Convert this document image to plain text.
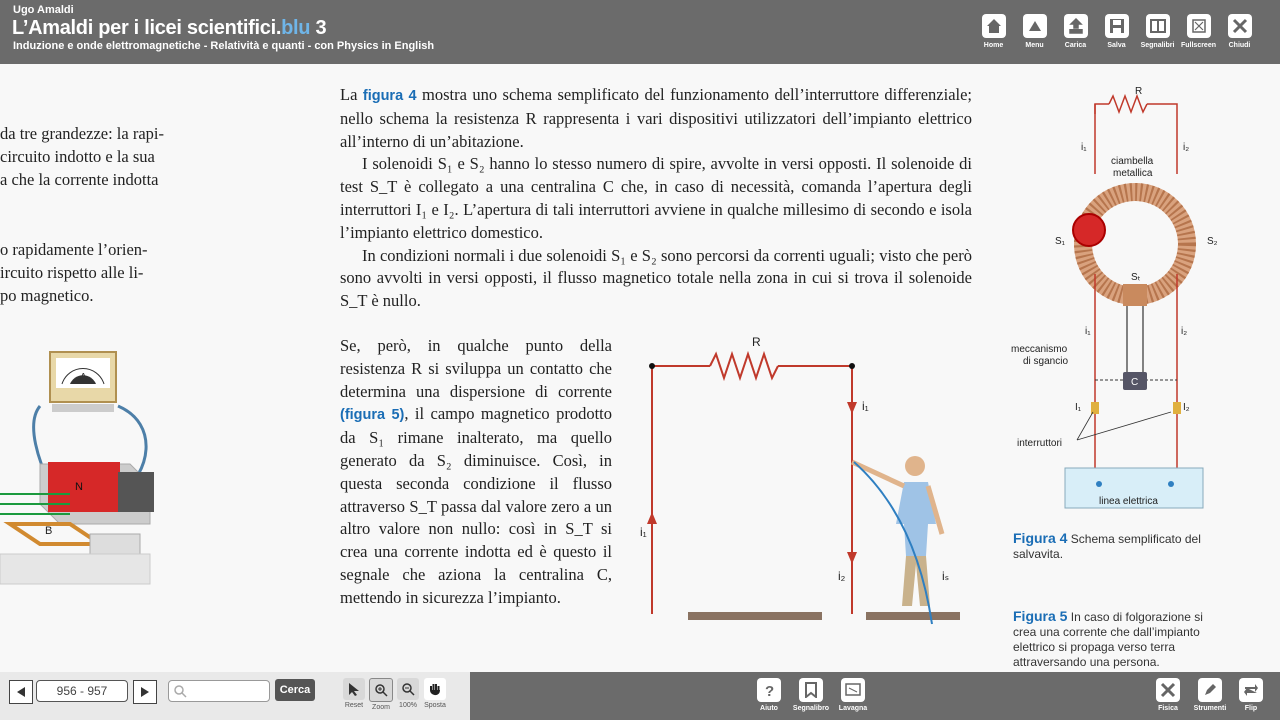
Ugo Amaldi
L’Amaldi per i licei scientifici.blu 3
Induzione e onde elettromagnetiche - Relatività e quanti - con Physics in English	Home	Menu	Carica	Salva Segnalibri Fullscreen Chiudi
da tre grandezze: la rapi-
circuito indotto e la sua
a che la corrente indotta
o rapidamente l’orien-
ircuito rispetto alle li-
po magnetico.
A
N
B

La figura 4 mostra uno schema semplificato del funzionamento dell’interruttore differenziale; nello schema la resistenza R rappresenta i vari dispositivi utilizzatori dell’impianto elettrico all’interno di un’abitazione.

I solenoidi S₁ e S₂ hanno lo stesso numero di spire, avvolte in versi opposti. Il solenoide di test S_T è collegato a una centralina C che, in caso di necessità, comanda l’apertura degli interruttori I₁ e I₂. L’apertura di tali interruttori avviene in qualche millesimo di secondo e isola l’impianto elettrico domestico.

In condizioni normali i due solenoidi S₁ e S₂ sono percorsi da correnti uguali; visto che però sono avvolti in versi opposti, il flusso magnetico totale nella zona in cui si trova il solenoide S_T è nullo.

Se, però, in qualche punto della resistenza R si sviluppa un contatto che determina una dispersione di corrente (figura 5), il campo magnetico prodotto da S₁ rimane inalterato, ma quello generato da S₂ diminuisce. Così, in questa seconda condizione il flusso attraverso S_T passa dal valore zero a un altro valore non nullo: così in S_T si crea una corrente indotta ed è questo il segnale che aziona la centralina C, mettendo in sicurezza l’impianto.
R
i₁
i₁
i₂	iₛ
R
i₁	i₂
ciambella
metallica
S₁	S₂
Sₜ
i₁	i₂
meccanismo
di sgancio
C
I₁	I₂
interruttori
linea elettrica
Figura 4 Schema semplificato del salvavita.
Figura 5 In caso di folgorazione si crea una corrente che dall’impianto elettrico si propaga verso terra attraversando una persona.
956 - 957	Cerca
Reset Zoom 100% Sposta
?
Aiuto Segnalibro Lavagna	Fisica Strumenti	Flip
